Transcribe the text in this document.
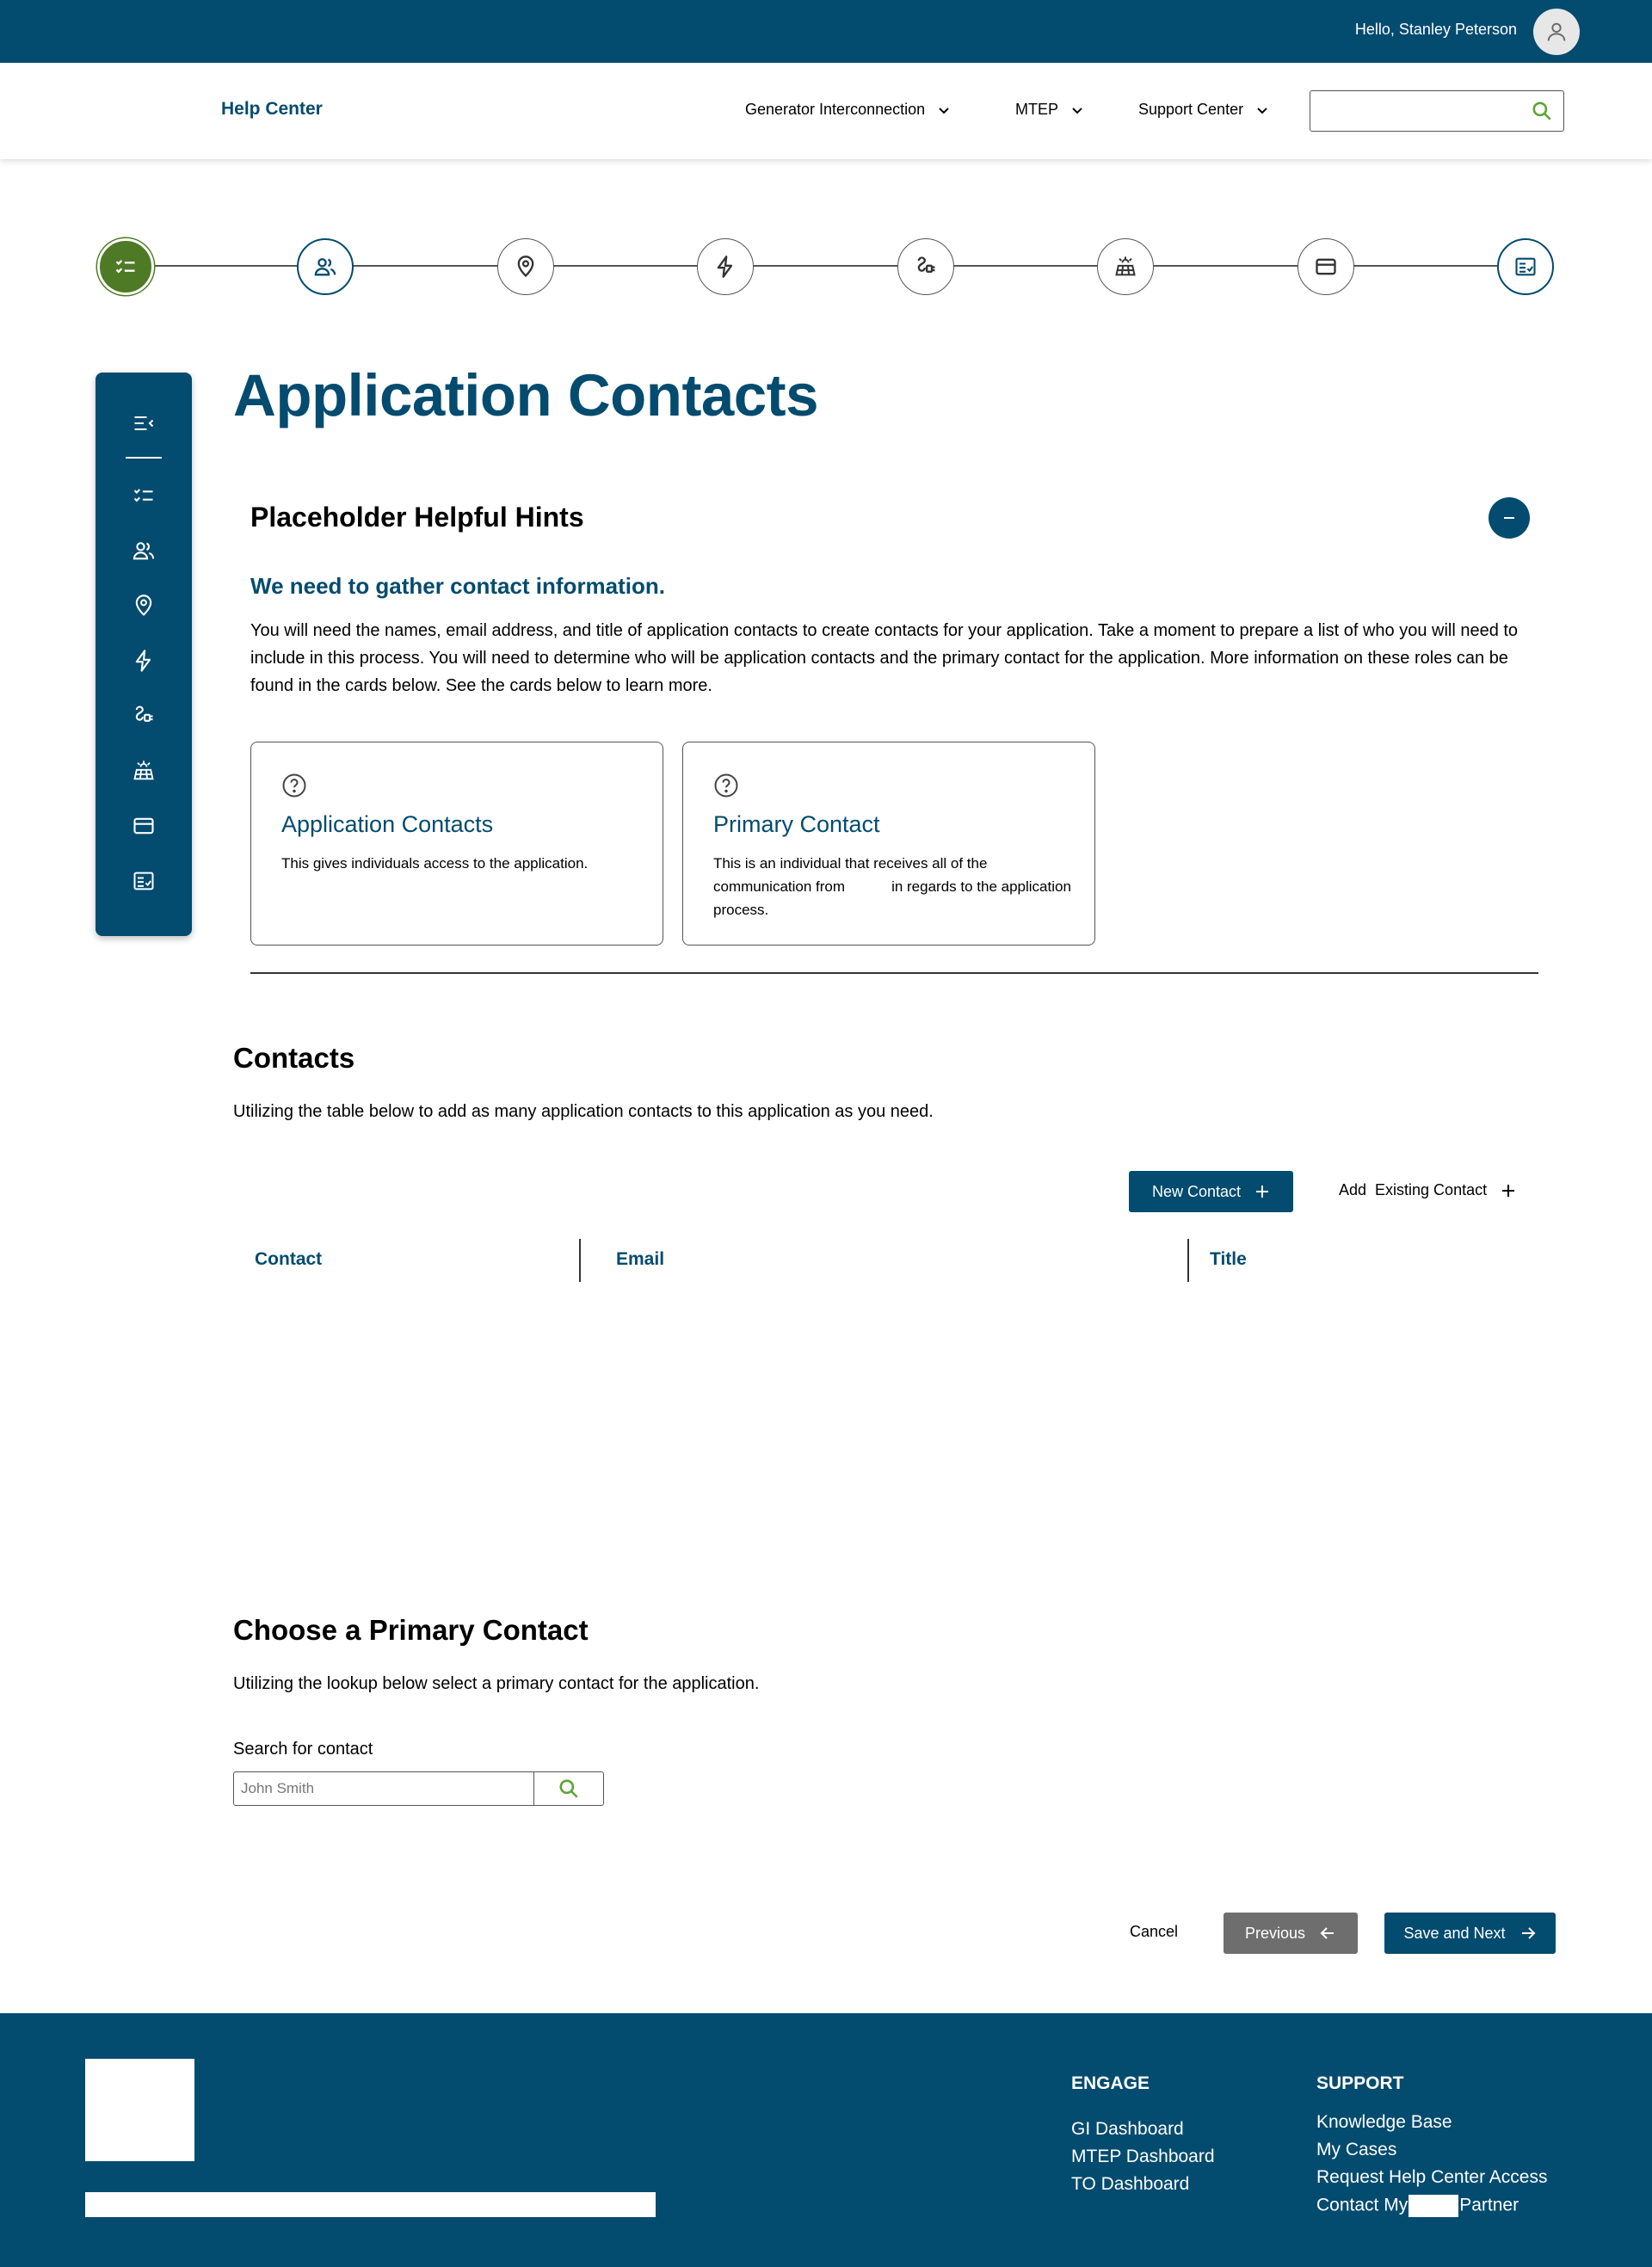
Hello, Stanley Peterson
Help Center	Generator Interconnection	MTEP	Support Center
Application Contacts
Placeholder Helpful Hints
We need to gather contact information.

You will need the names, email address, and title of application contacts to create contacts for your application. Take a moment to prepare a list of who you will need to include in this process. You will need to determine who will be application contacts and the primary contact for the application. More information on these roles can be found in the cards below. See the cards below to learn more.

Application Contacts
This gives individuals access to the application.
Primary Contact
This is an individual that receives all of the communication from	in regards to the application process.
Contacts

Utilizing the table below to add as many application contacts to this application as you need.

New Contact	Add  Existing Contact
Contact	Email	Title
Choose a Primary Contact

Utilizing the lookup below select a primary contact for the application.

Search for contact
John Smith
Cancel	Previous	Save and Next
ENGAGE
GI Dashboard
MTEP Dashboard
TO Dashboard
SUPPORT
Knowledge Base
My Cases
Request Help Center Access
Contact My	Partner
